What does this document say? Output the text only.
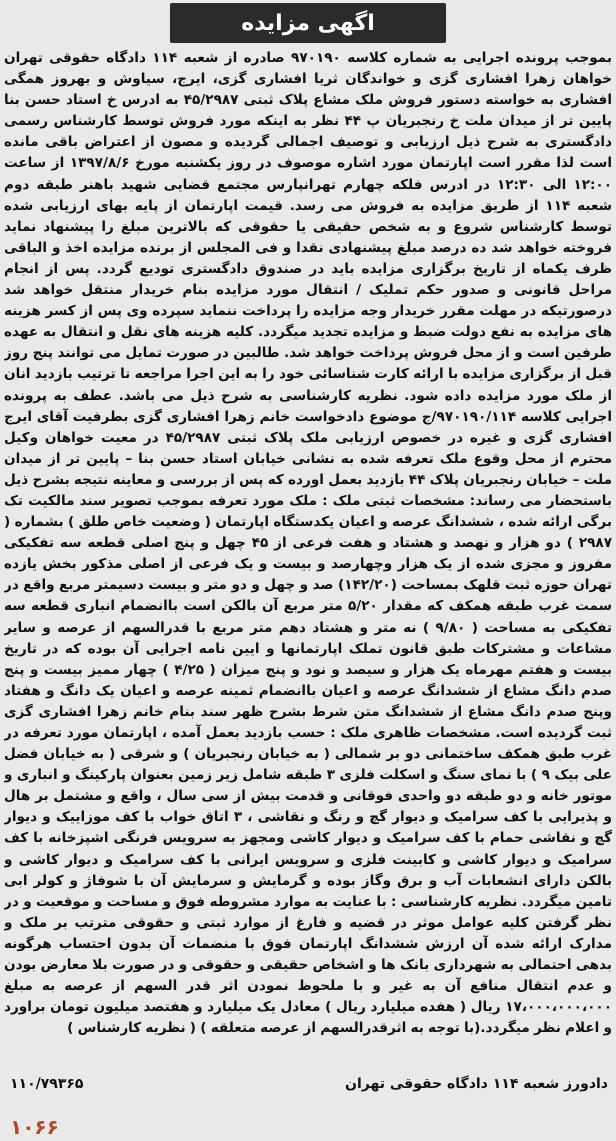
اگهی مزایده
بموجب پرونده اجرایی به شماره کلاسه ۹۷۰۱۹۰ صادره از شعبه ۱۱۴ دادگاه حقوقی تهران خواهان زهرا افشاری گزی و خواندگان ثریا افشاری گزی، ایرج، سیاوش و بهروز همگی افشاری به خواسته دستور فروش ملک مشاع پلاک ثبتی ۴۵/۲۹۸۷ به ادرس خ استاد حسن بنا پایین تر از میدان ملت خ رنجبریان پ ۴۴ نظر به اینکه مورد فروش توسط کارشناس رسمی دادگستری به شرح ذیل ارزیابی و توصیف اجمالی گردیده و مصون از اعتراض باقی مانده است لذا مقرر است اپارتمان مورد اشاره موصوف در روز یکشنبه مورخ ۱۳۹۷/۸/۶ از ساعت ۱۲:۰۰ الی ۱۲:۳۰ در ادرس فلکه چهارم تهرانپارس مجتمع قضایی شهید باهنر طبقه دوم شعبه ۱۱۴ از طریق مزایده به فروش می رسد. قیمت اپارتمان از پایه بهای ارزیابی شده توسط کارشناس شروع و به شخص حقیقی یا حقوقی که بالاترین مبلغ را پیشنهاد نماید فروخته خواهد شد ده درصد مبلغ پیشنهادی نقدا و فی المجلس از برنده مزایده اخذ و الباقی ظرف یکماه از تاریخ برگزاری مزایده باید در صندوق دادگستری تودیع گردد. پس از انجام مراحل قانونی و صدور حکم تملیک / انتقال مورد مزایده بنام خریدار منتقل خواهد شد درصورتیکه در مهلت مقرر خریدار وجه مزایده را پرداخت ننماید سپرده وی پس از کسر هزینه های مزایده به نفع دولت ضبط و مزایده تجدید میگردد. کلیه هزینه های نقل و انتقال به عهده طرفین است و از محل فروش پرداخت خواهد شد. طالبین در صورت تمایل می توانند پنج روز قبل از برگزاری مزایده با ارائه کارت شناسائی خود را به این اجرا مراجعه تا ترتیب بازدید انان از ملک مورد مزایده داده شود. نظریه کارشناسی به شرح ذیل می باشد. عطف به پرونده اجرایی کلاسه ۹۷۰۱۹۰/۱۱۴/ج موضوع دادخواست خانم زهرا افشاری گزی بطرفیت آقای ایرج افشاری گزی و غیره در خصوص ارزیابی ملک پلاک ثبتی ۴۵/۲۹۸۷ در معیت خواهان وکیل محترم از محل وقوع ملک تعرفه شده به نشانی خیابان استاد حسن بنا – پایین تر از میدان ملت – خیابان رنجبریان پلاک ۴۴ بازدید بعمل اورده که پس از بررسی و معاینه نتیجه بشرح ذیل باستحضار می رساند: مشخصات ثبتی ملک : ملک مورد تعرفه بموجب تصویر سند مالکیت تک برگی ارائه شده ، ششدانگ عرصه و اعیان یکدستگاه اپارتمان ( وضعیت خاص طلق ) بشماره ( ۲۹۸۷ ) دو هزار و نهصد و هشتاد و هفت فرعی از ۴۵ چهل و پنج اصلی قطعه سه تفکیکی مفروز و مجزی شده از یک هزار وچهارصد و بیست و یک فرعی از اصلی مذکور بخش یازده تهران حوزه ثبت قلهک بمساحت (۱۴۲/۲۰) صد و چهل و دو متر و بیست دسیمتر مربع واقع در سمت غرب طبقه همکف که مقدار ۵/۲۰ متر مربع آن بالکن است باانضمام انباری قطعه سه تفکیکی به مساحت ( ۹/۸۰ ) نه متر و هشتاد دهم متر مربع با قدرالسهم از عرصه و سایر مشاعات و مشترکات طبق قانون تملک اپارتمانها و ایین نامه اجرایی آن بوده که در تاریخ بیست و هفتم مهرماه یک هزار و سیصد و نود و پنج میزان ( ۴/۲۵ ) چهار ممیز بیست و پنج صدم دانگ مشاع از ششدانگ عرصه و اعیان باانضمام ثمینه عرصه و اعیان یک دانگ و هفتاد وپنج صدم دانگ مشاع از ششدانگ متن شرط بشرح ظهر سند بنام خانم زهرا افشاری گزی ثبت گردیده است. مشخصات ظاهری ملک : حسب بازدید بعمل آمده ، اپارتمان مورد تعرفه در غرب طبق همکف ساختمانی دو بر شمالی ( به خیابان رنجبریان ) و شرقی ( به خیابان فضل علی بیک ۹ ) با نمای سنگ و اسکلت فلزی ۳ طبقه شامل زیر زمین بعنوان پارکینگ و انباری و موتور خانه و دو طبقه دو واحدی فوقانی و قدمت بیش از سی سال ، واقع و مشتمل بر هال و پذیرایی با کف سرامیک و دیوار گچ و رنگ و نقاشی ، ۳ اتاق خواب با کف موزاییک و دیوار گچ و نقاشی حمام با کف سرامیک و دیوار کاشی ومجهز به سرویس فرنگی اشپزخانه با کف سرامیک و دیوار کاشی و کابینت فلزی و سرویس ایرانی با کف سرامیک و دیوار کاشی و بالکن دارای انشعابات آب و برق وگاز بوده و گرمایش و سرمایش آن با شوفاژ و کولر ابی تامین میگردد. نظریه کارشناسی : با عنایت به موارد مشروطه فوق و مساحت و موقعیت و در نظر گرفتن کلیه عوامل موثر در قضیه و فارغ از موارد ثبتی و حقوقی مترتب بر ملک و مدارک ارائه شده آن ارزش ششدانگ اپارتمان فوق با منضمات آن بدون احتساب هرگونه بدهی احتمالی به شهرداری بانک ها و اشخاص حقیقی و حقوقی و در صورت بلا معارض بودن و عدم انتقال منافع آن به غیر و با ملحوظ نمودن اثر قدر السهم از عرصه به مبلغ ۱۷،۰۰۰،۰۰۰،۰۰۰ ریال ( هفده میلیارد ریال ) معادل یک میلیارد و هفتصد میلیون تومان براورد و اعلام نظر میگردد.(با توجه به اثرقدرالسهم از عرصه متعلقه ) ( نظریه کارشناس )
دادورز شعبه ۱۱۴ دادگاه حقوقی تهران
۱۱۰/۷۹۳۶۵
۱۰۶۶
